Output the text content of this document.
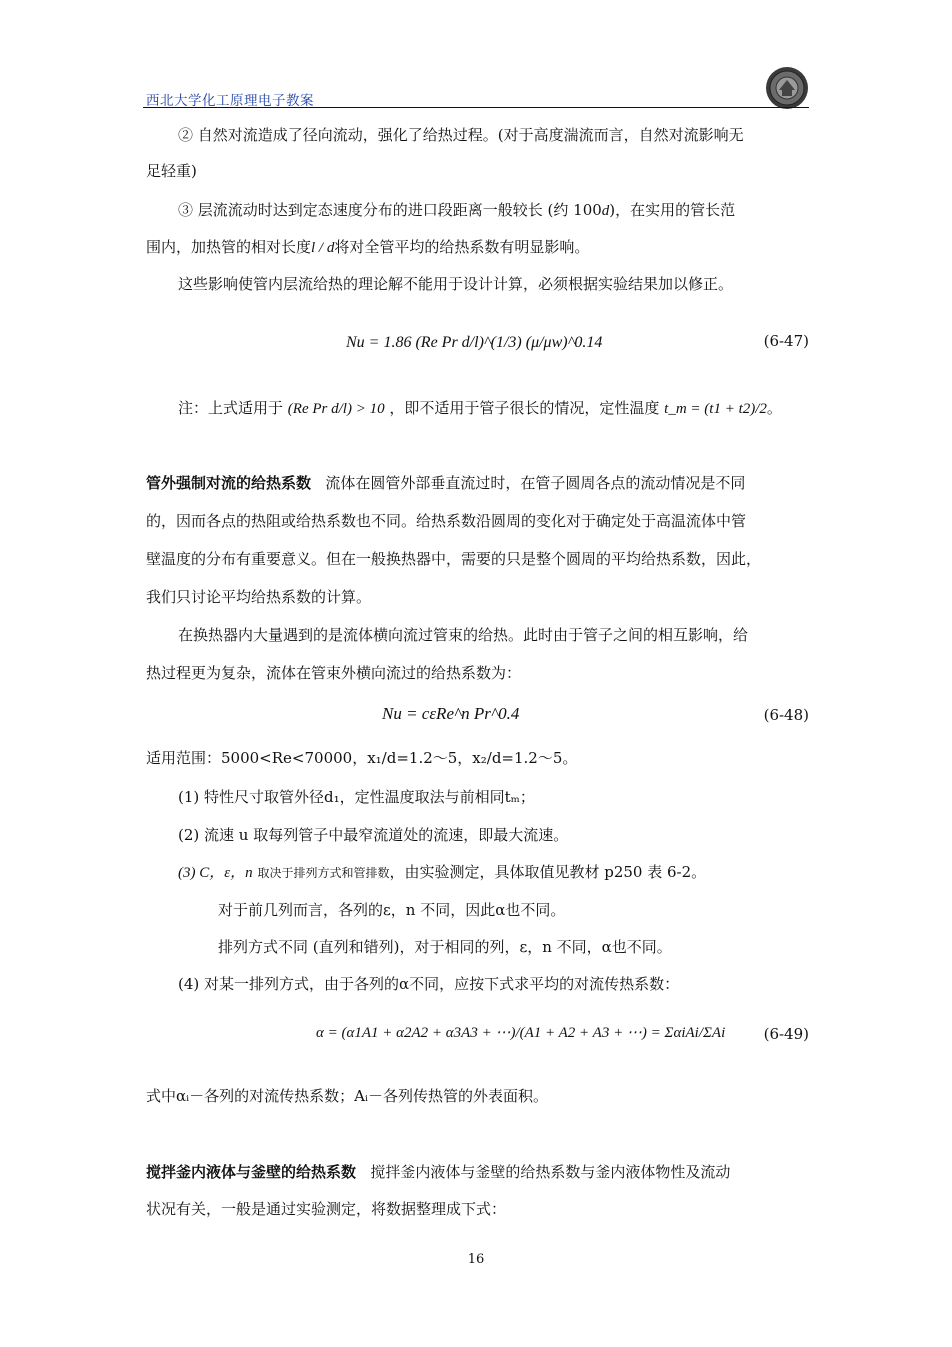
西北大学化工原理电子教案
② 自然对流造成了径向流动，强化了给热过程。(对于高度湍流而言，自然对流影响无
足轻重)
③ 层流流动时达到定态速度分布的进口段距离一般较长 (约 100d)，在实用的管长范
围内，加热管的相对长度l / d将对全管平均的给热系数有明显影响。
这些影响使管内层流给热的理论解不能用于设计计算，必须根据实验结果加以修正。
Nu = 1.86 (Re Pr d/l)^(1/3) (μ/μw)^0.14	(6-47)
注：上式适用于 (Re Pr d/l) > 10 ，即不适用于管子很长的情况，定性温度 t_m = (t1 + t2)/2。
管外强制对流的给热系数 流体在圆管外部垂直流过时，在管子圆周各点的流动情况是不同
的，因而各点的热阻或给热系数也不同。给热系数沿圆周的变化对于确定处于高温流体中管
壁温度的分布有重要意义。但在一般换热器中，需要的只是整个圆周的平均给热系数，因此，
我们只讨论平均给热系数的计算。
在换热器内大量遇到的是流体横向流过管束的给热。此时由于管子之间的相互影响，给
热过程更为复杂，流体在管束外横向流过的给热系数为：
Nu = cεRe^n Pr^0.4	(6-48)
适用范围：5000<Re<70000，x₁/d=1.2～5，x₂/d=1.2～5。
(1) 特性尺寸取管外径d₁，定性温度取法与前相同tₘ；
(2) 流速 u 取每列管子中最窄流道处的流速，即最大流速。
(3) C，ε，n 取决于排列方式和管排数，由实验测定，具体取值见教材 p250 表 6-2。
对于前几列而言，各列的ε，n 不同，因此α也不同。
排列方式不同 (直列和错列)，对于相同的列，ε，n 不同，α也不同。
(4) 对某一排列方式，由于各列的α不同，应按下式求平均的对流传热系数：
α = (α1A1 + α2A2 + α3A3 + ⋯)/(A1 + A2 + A3 + ⋯) = ΣαiAi/ΣAi	(6-49)
式中αᵢ－各列的对流传热系数；Aᵢ－各列传热管的外表面积。
搅拌釜内液体与釜壁的给热系数 搅拌釜内液体与釜壁的给热系数与釜内液体物性及流动
状况有关，一般是通过实验测定，将数据整理成下式：
16
